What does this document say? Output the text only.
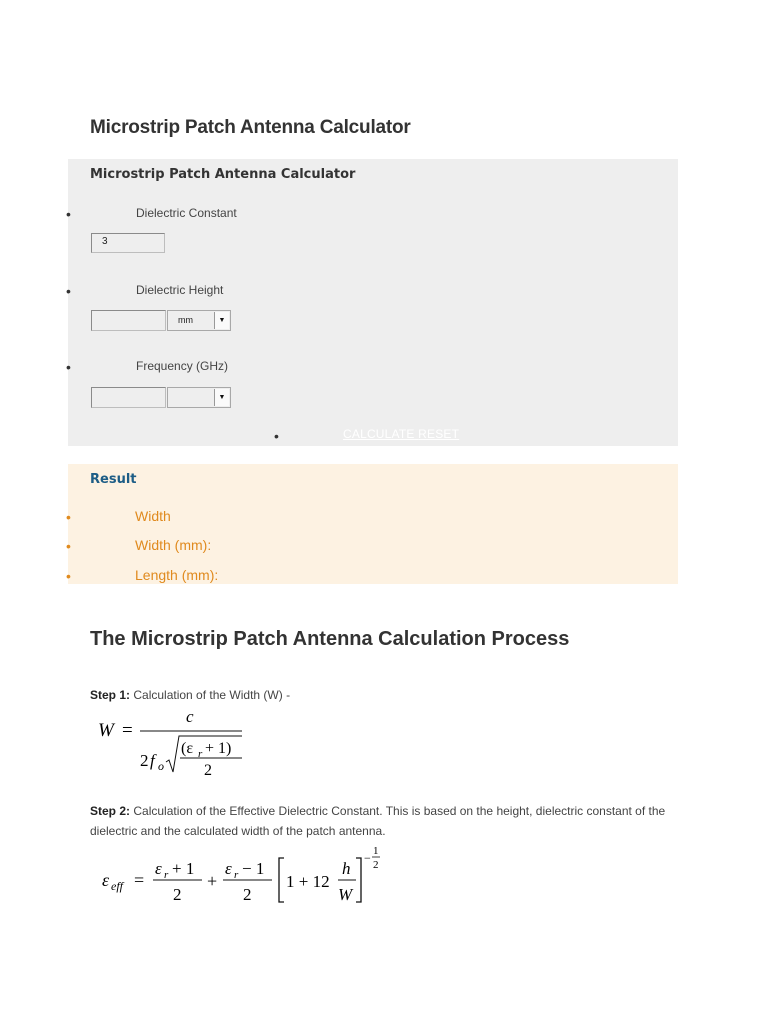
Microstrip Patch Antenna Calculator
Microstrip Patch Antenna Calculator
•	Dielectric Constant
3
•	Dielectric Height
mm	▼
•	Frequency (GHz)
▼
•	CALCULATE RESET
Result
•	Width
•	Width (mm):
•	Length (mm):
The Microstrip Patch Antenna Calculation Process
Step 1: Calculation of the Width (W) -
W =
c
2 f o
(ε r + 1)
2
Step 2: Calculation of the Effective Dielectric Constant. This is based on the height, dielectric constant of the dielectric and the calculated width of the patch antenna.
ε eff =
ε r + 1
2
+
ε r − 1
2
1 + 12
h
W
− 1
2
